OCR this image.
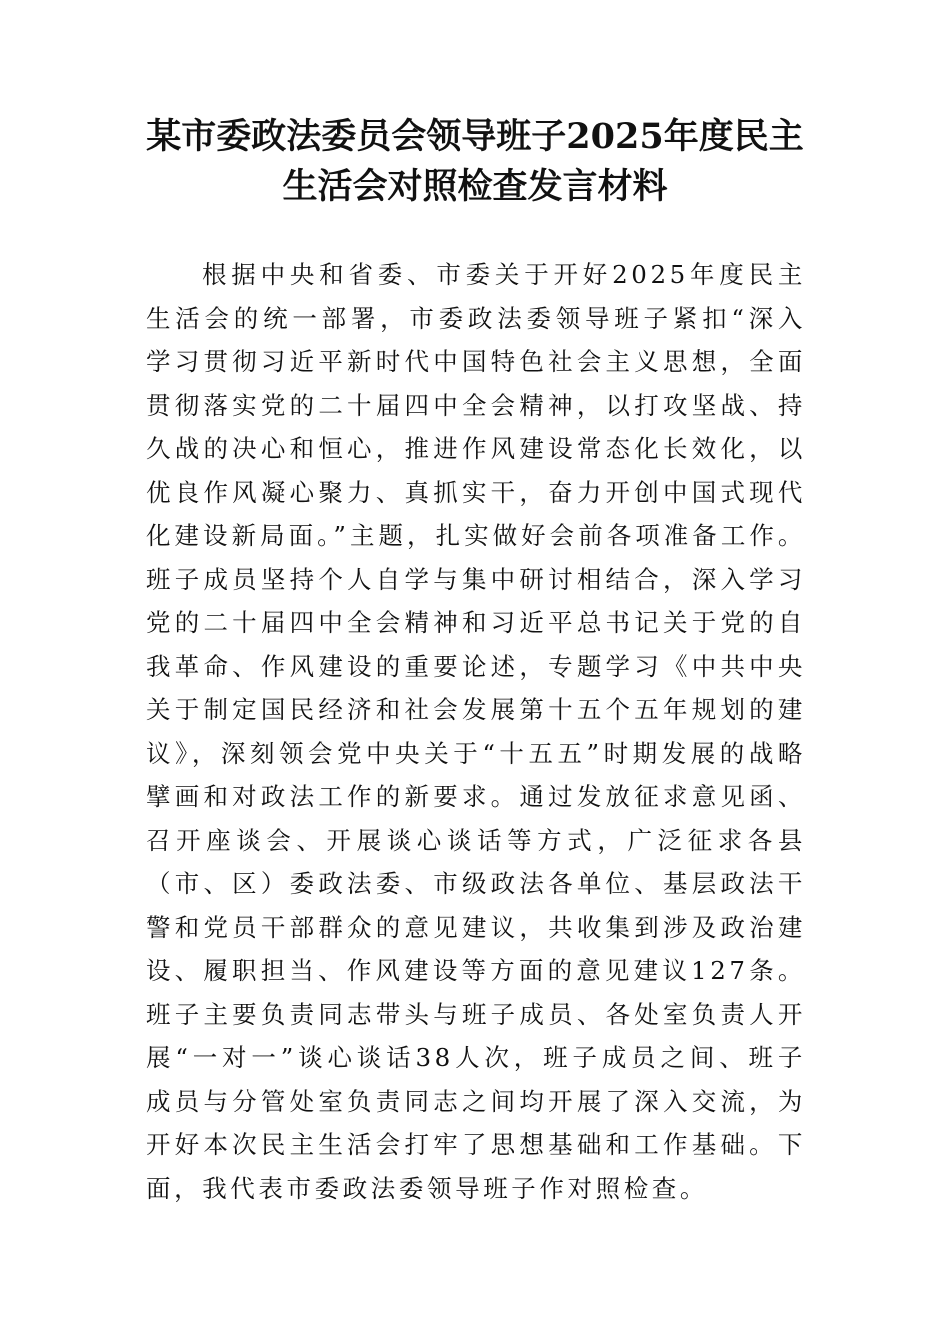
某市委政法委员会领导班子2025年度民主生活会对照检查发言材料

根据中央和省委、市委关于开好2025年度民主生活会的统一部署，市委政法委领导班子紧扣“深入学习贯彻习近平新时代中国特色社会主义思想，全面贯彻落实党的二十届四中全会精神，以打攻坚战、持久战的决心和恒心，推进作风建设常态化长效化，以优良作风凝心聚力、真抓实干，奋力开创中国式现代化建设新局面。”主题，扎实做好会前各项准备工作。班子成员坚持个人自学与集中研讨相结合，深入学习党的二十届四中全会精神和习近平总书记关于党的自我革命、作风建设的重要论述，专题学习《中共中央关于制定国民经济和社会发展第十五个五年规划的建议》，深刻领会党中央关于“十五五”时期发展的战略擘画和对政法工作的新要求。通过发放征求意见函、召开座谈会、开展谈心谈话等方式，广泛征求各县（市、区）委政法委、市级政法各单位、基层政法干警和党员干部群众的意见建议，共收集到涉及政治建设、履职担当、作风建设等方面的意见建议127条。班子主要负责同志带头与班子成员、各处室负责人开展“一对一”谈心谈话38人次，班子成员之间、班子成员与分管处室负责同志之间均开展了深入交流，为开好本次民主生活会打牢了思想基础和工作基础。下面，我代表市委政法委领导班子作对照检查。
